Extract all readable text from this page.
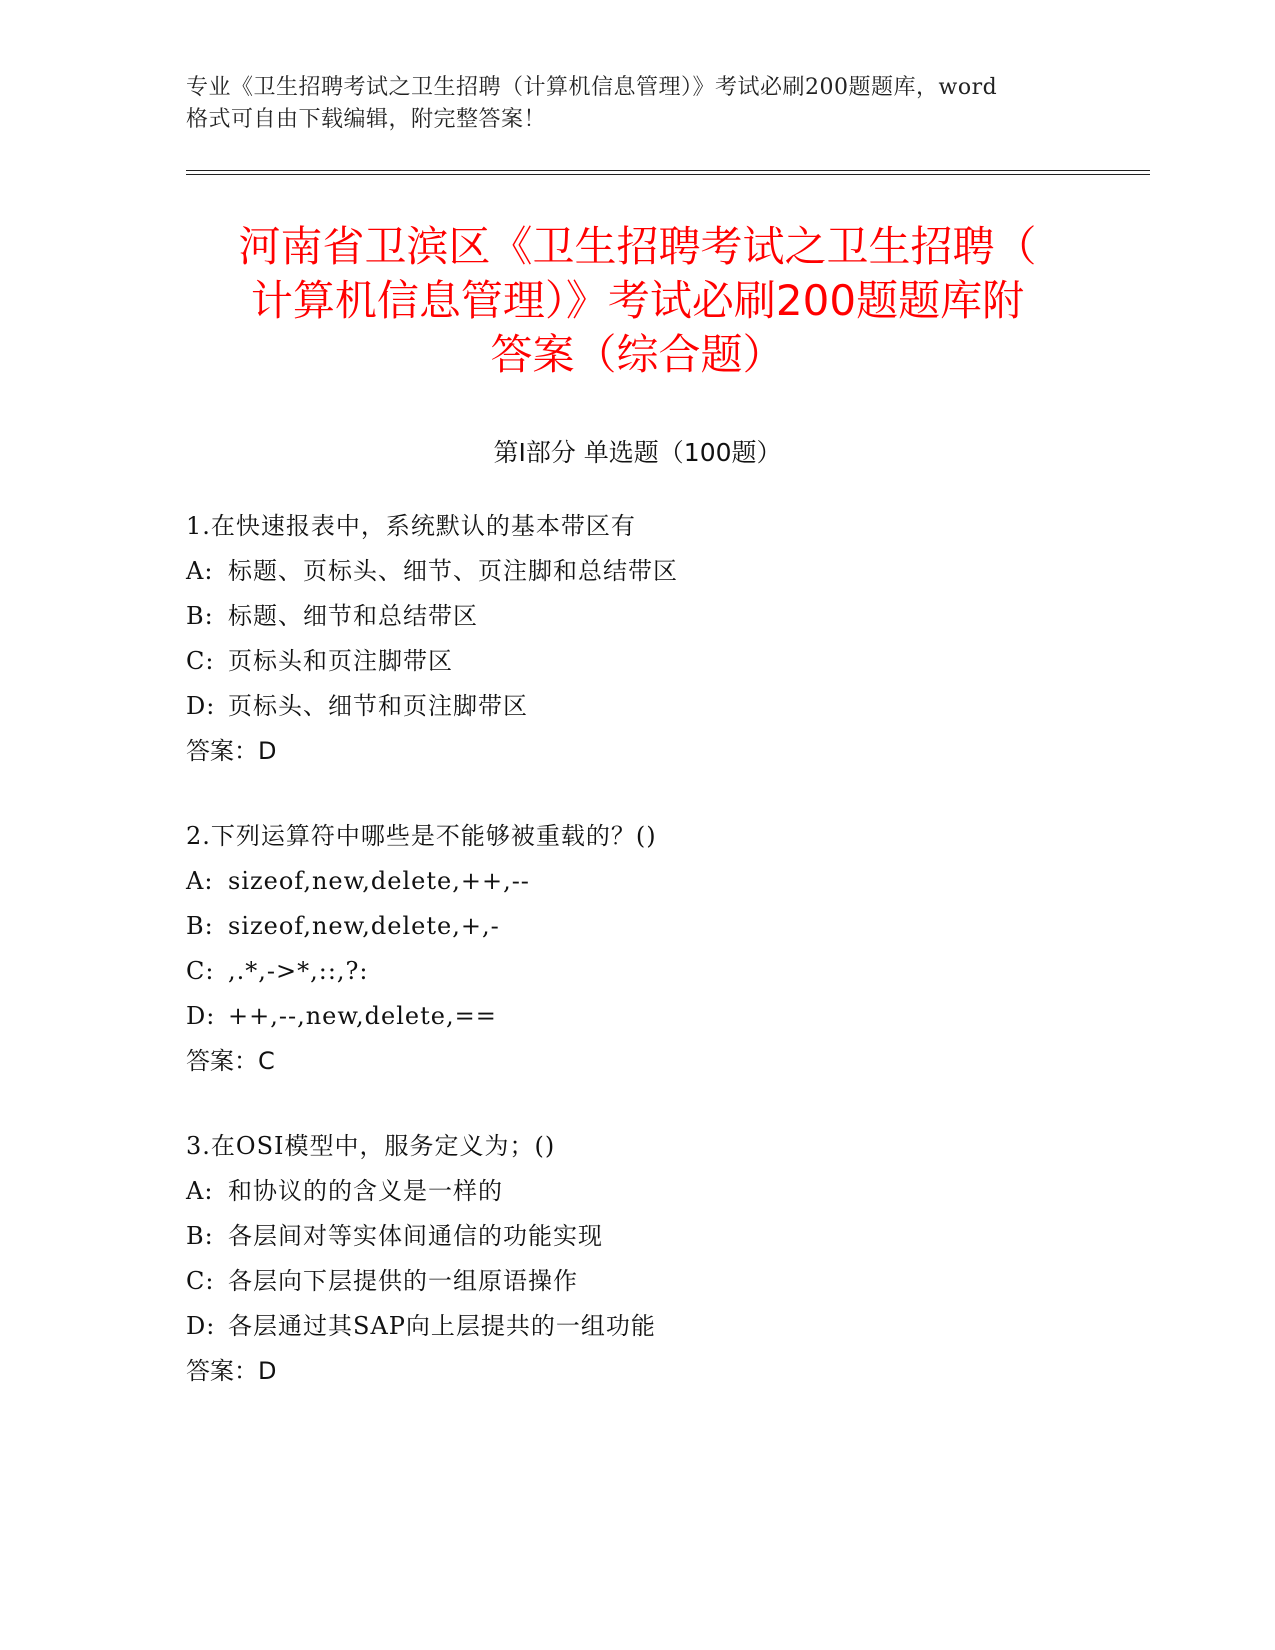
专业《卫生招聘考试之卫生招聘（计算机信息管理）》考试必刷200题题库，word
格式可自由下载编辑，附完整答案！
河南省卫滨区《卫生招聘考试之卫生招聘（
计算机信息管理）》考试必刷200题题库附
答案（综合题）
第Ⅰ部分 单选题（100题）
1.在快速报表中，系统默认的基本带区有
A: 标题、页标头、细节、页注脚和总结带区
B: 标题、细节和总结带区
C: 页标头和页注脚带区
D: 页标头、细节和页注脚带区
答案：D
2.下列运算符中哪些是不能够被重载的？()
A: sizeof,new,delete,++,--
B: sizeof,new,delete,+,-
C: ,.*,->*,::,?:
D: ++,--,new,delete,==
答案：C
3.在OSI模型中，服务定义为；()
A: 和协议的的含义是一样的
B: 各层间对等实体间通信的功能实现
C: 各层向下层提供的一组原语操作
D: 各层通过其SAP向上层提共的一组功能
答案：D
